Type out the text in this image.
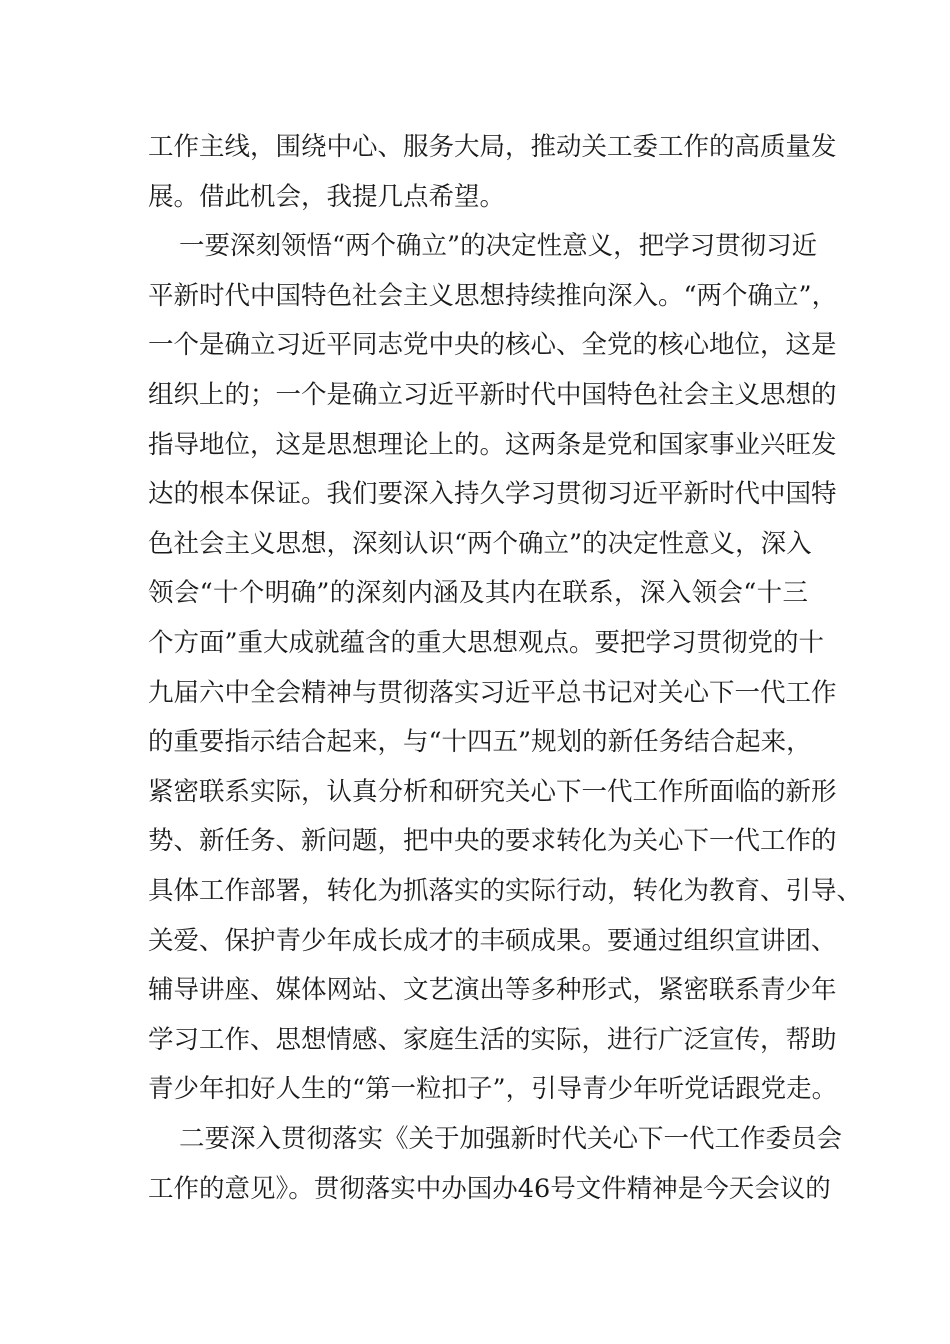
工作主线，围绕中心、服务大局，推动关工委工作的高质量发
展。借此机会，我提几点希望。
一要深刻领悟“两个确立”的决定性意义，把学习贯彻习近
平新时代中国特色社会主义思想持续推向深入。“两个确立”，
一个是确立习近平同志党中央的核心、全党的核心地位，这是
组织上的；一个是确立习近平新时代中国特色社会主义思想的
指导地位，这是思想理论上的。这两条是党和国家事业兴旺发
达的根本保证。我们要深入持久学习贯彻习近平新时代中国特
色社会主义思想，深刻认识“两个确立”的决定性意义，深入
领会“十个明确”的深刻内涵及其内在联系，深入领会“十三
个方面”重大成就蕴含的重大思想观点。要把学习贯彻党的十
九届六中全会精神与贯彻落实习近平总书记对关心下一代工作
的重要指示结合起来，与“十四五”规划的新任务结合起来，
紧密联系实际，认真分析和研究关心下一代工作所面临的新形
势、新任务、新问题，把中央的要求转化为关心下一代工作的
具体工作部署，转化为抓落实的实际行动，转化为教育、引导、
关爱、保护青少年成长成才的丰硕成果。要通过组织宣讲团、
辅导讲座、媒体网站、文艺演出等多种形式，紧密联系青少年
学习工作、思想情感、家庭生活的实际，进行广泛宣传，帮助
青少年扣好人生的“第一粒扣子”，引导青少年听党话跟党走。
二要深入贯彻落实《关于加强新时代关心下一代工作委员会
工作的意见》。贯彻落实中办国办46号文件精神是今天会议的
